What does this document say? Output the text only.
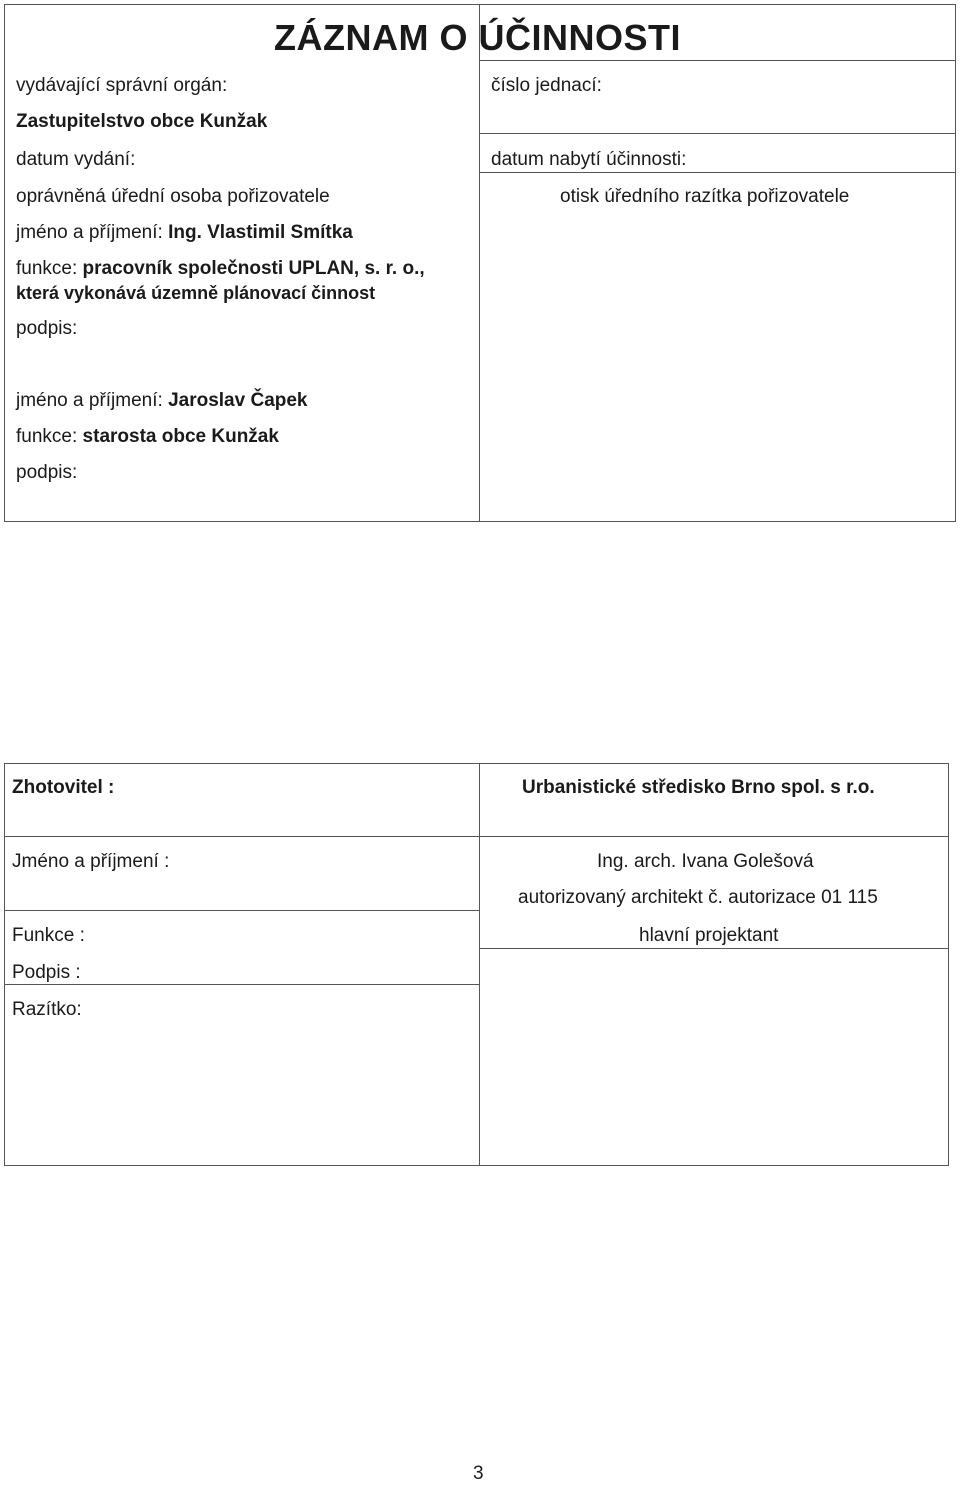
ZÁZNAM O ÚČINNOSTI
vydávající správní orgán:
Zastupitelstvo obce Kunžak
datum vydání:
oprávněná úřední osoba pořizovatele
jméno a příjmení: Ing. Vlastimil Smítka
funkce: pracovník společnosti UPLAN, s. r. o.,
která vykonává územně plánovací činnost
podpis:
jméno a příjmení: Jaroslav Čapek
funkce: starosta obce Kunžak
podpis:
číslo jednací:
datum nabytí účinnosti:
otisk úředního razítka pořizovatele
Zhotovitel :	Urbanistické středisko Brno spol. s r.o.
Jméno a příjmení :	Ing. arch. Ivana Golešová
autorizovaný architekt č. autorizace 01 115
Funkce :	hlavní projektant
Podpis :
Razítko:
3
